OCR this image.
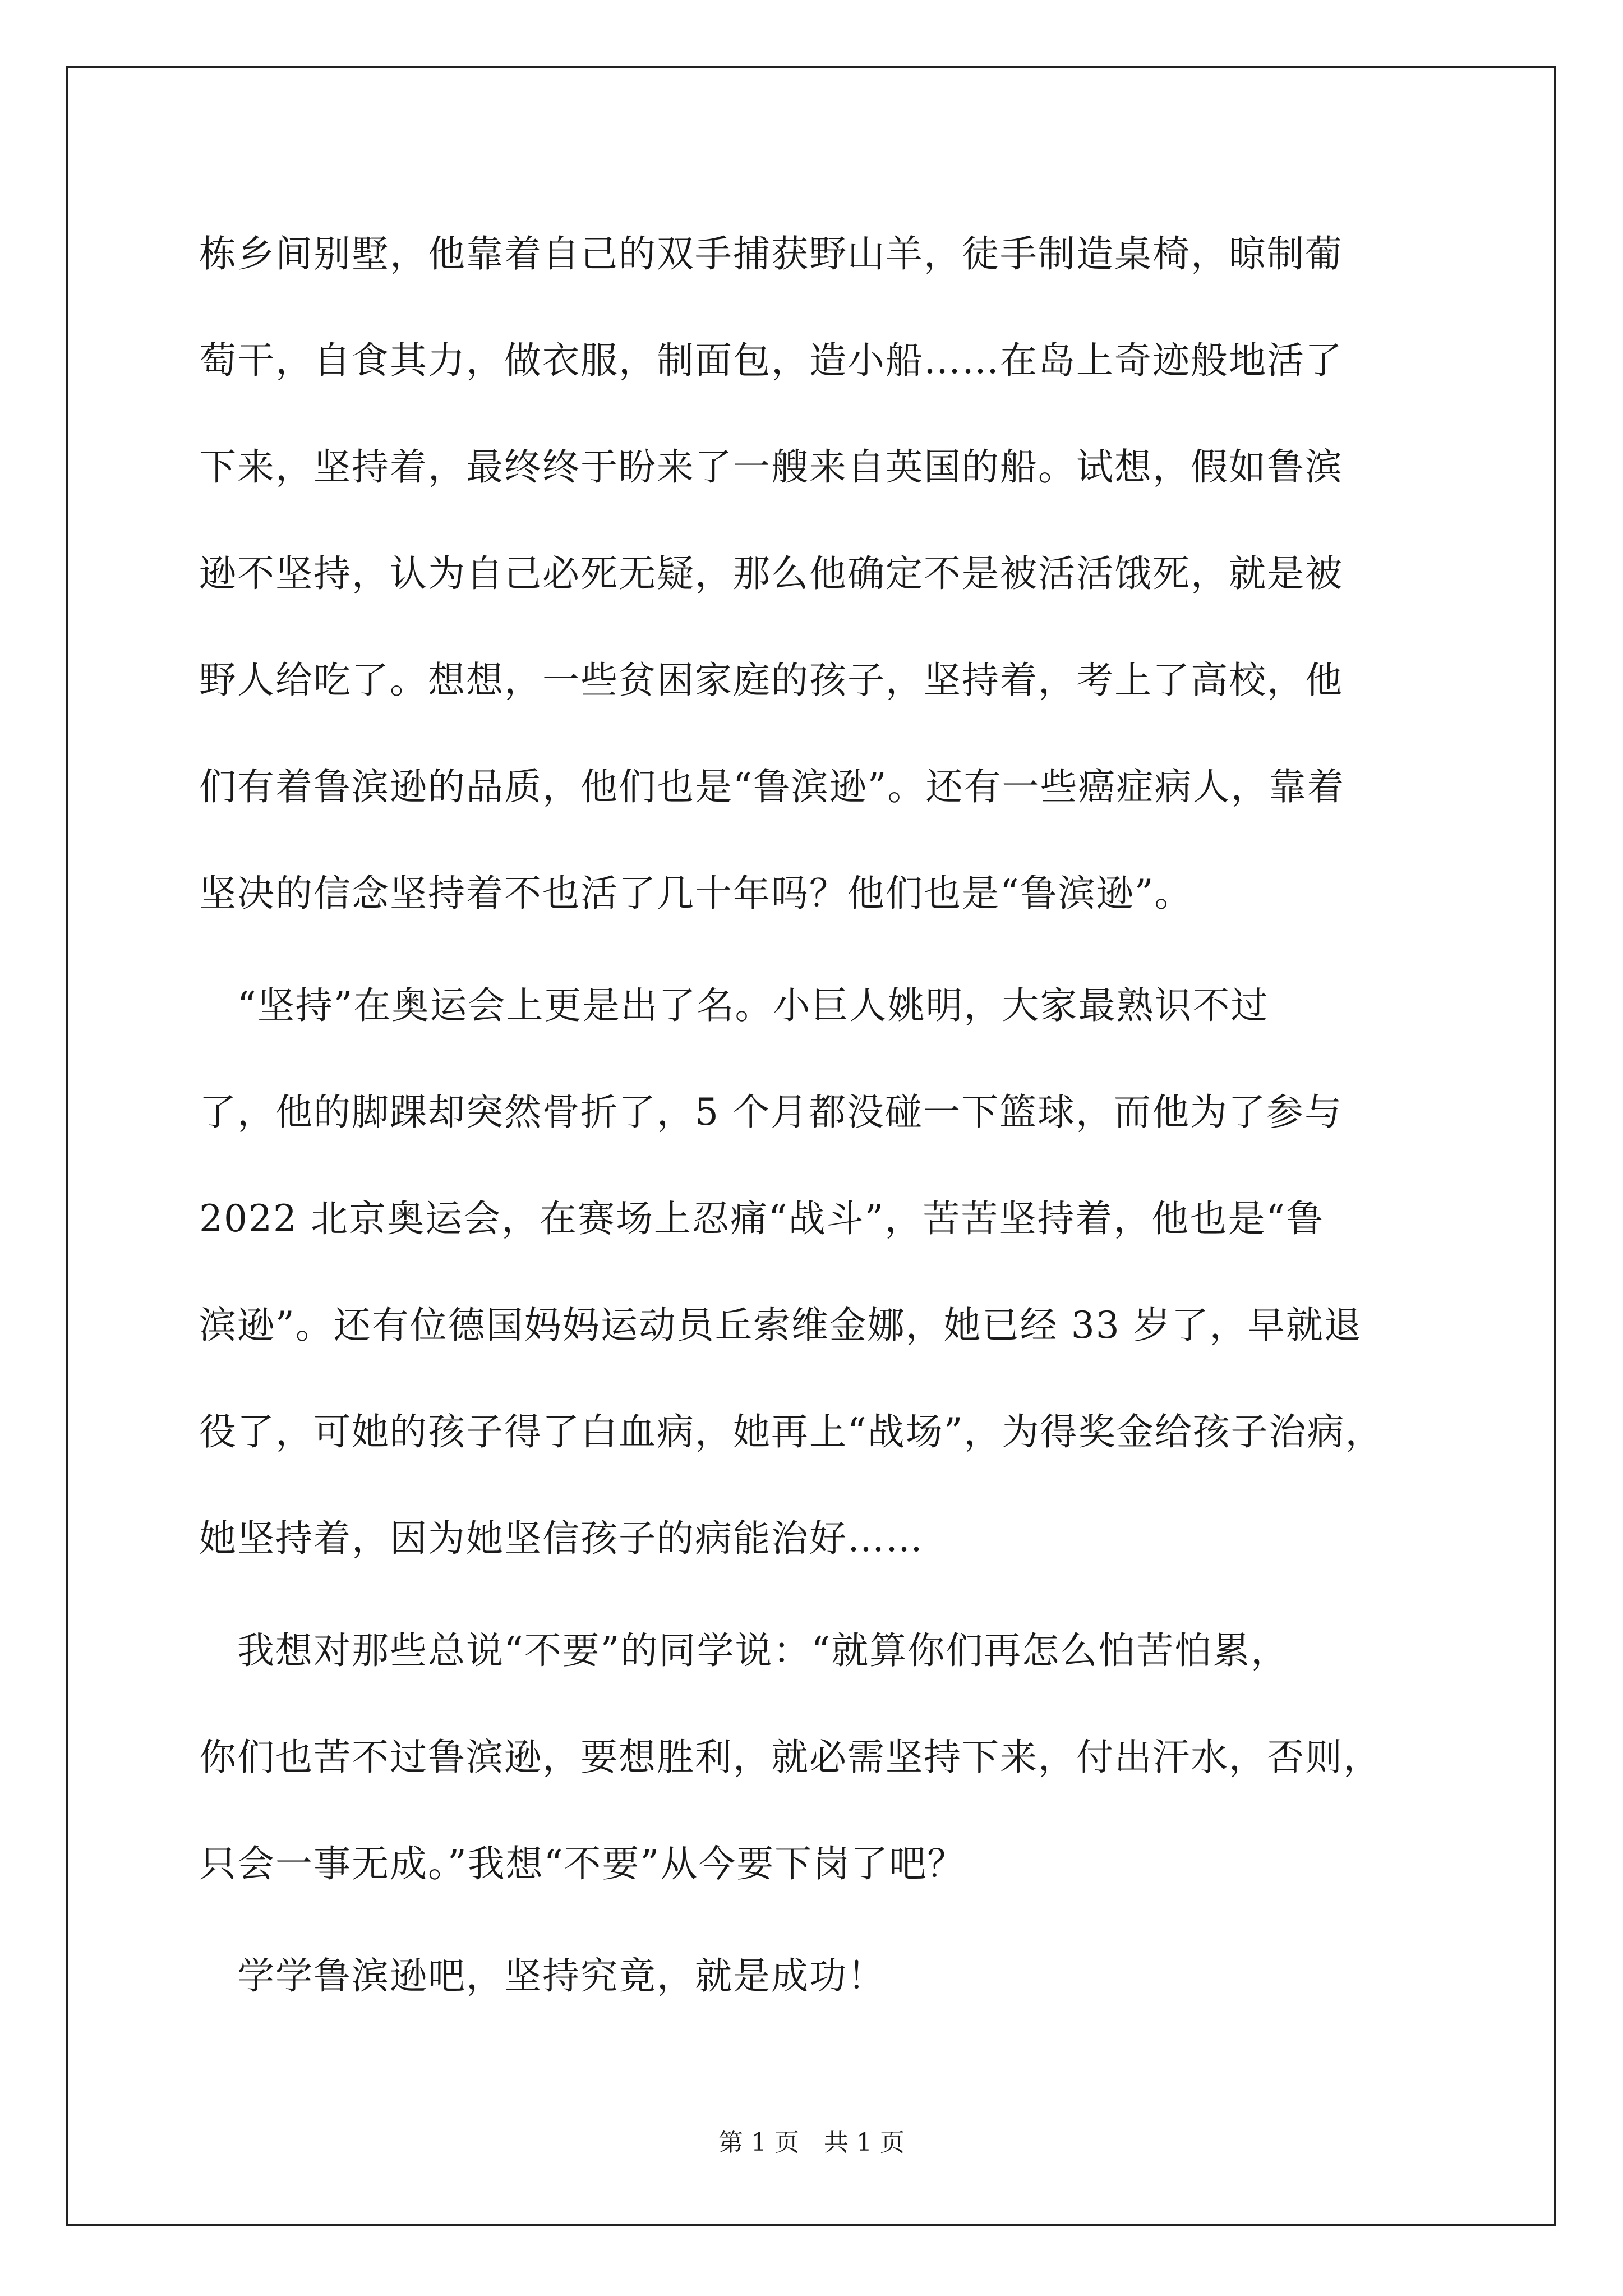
栋乡间别墅，他靠着自己的双手捕获野山羊，徒手制造桌椅，晾制葡
萄干，自食其力，做衣服，制面包，造小船……在岛上奇迹般地活了
下来，坚持着，最终终于盼来了一艘来自英国的船。试想，假如鲁滨
逊不坚持，认为自己必死无疑，那么他确定不是被活活饿死，就是被
野人给吃了。想想，一些贫困家庭的孩子，坚持着，考上了高校，他
们有着鲁滨逊的品质，他们也是“鲁滨逊”。还有一些癌症病人，靠着
坚决的信念坚持着不也活了几十年吗？他们也是“鲁滨逊”。
　“坚持”在奥运会上更是出了名。小巨人姚明，大家最熟识不过
了，他的脚踝却突然骨折了，5 个月都没碰一下篮球，而他为了参与
2022 北京奥运会，在赛场上忍痛“战斗”，苦苦坚持着，他也是“鲁
滨逊”。还有位德国妈妈运动员丘索维金娜，她已经 33 岁了，早就退
役了，可她的孩子得了白血病，她再上“战场”，为得奖金给孩子治病，
她坚持着，因为她坚信孩子的病能治好……
　我想对那些总说“不要”的同学说：“就算你们再怎么怕苦怕累，
你们也苦不过鲁滨逊，要想胜利，就必需坚持下来，付出汗水，否则，
只会一事无成。”我想“不要”从今要下岗了吧？
　学学鲁滨逊吧，坚持究竟，就是成功！
第 1 页　共 1 页
